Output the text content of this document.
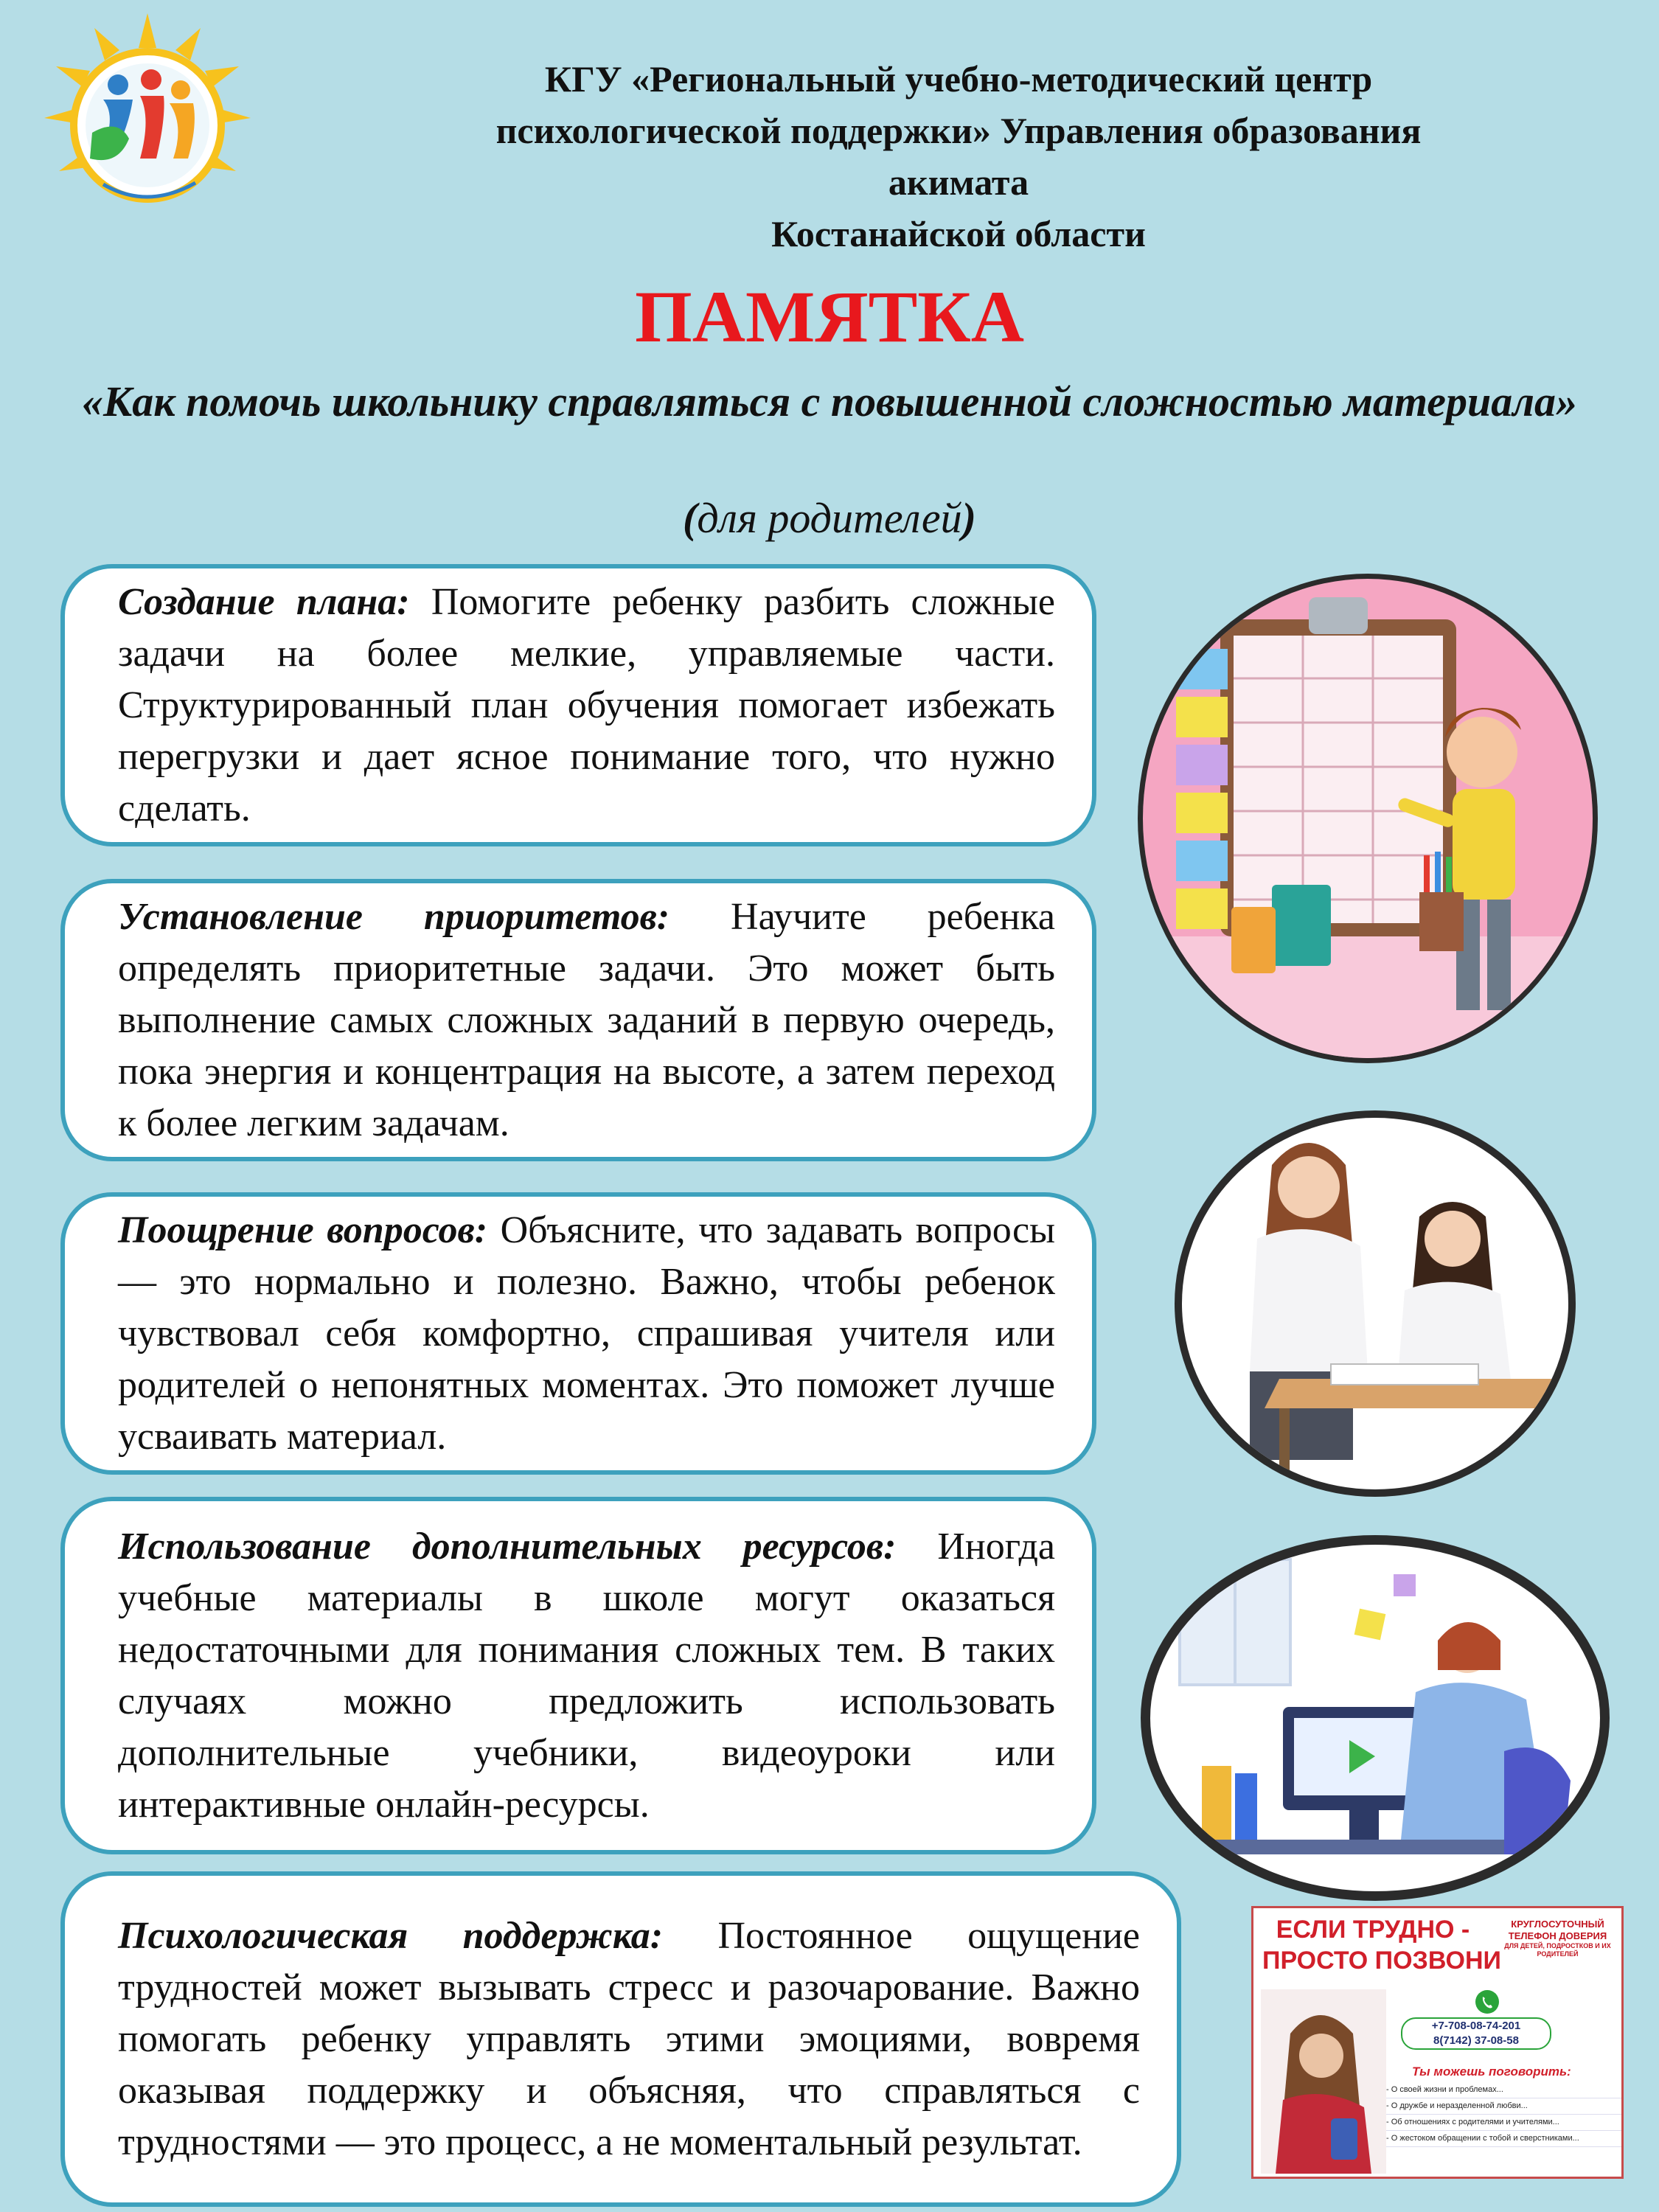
КГУ «Региональный учебно-методический центр
психологической поддержки» Управления образования
акимата
Костанайской области
ПАМЯТКА
«Как помочь школьнику справляться с повышенной сложностью материала»
(для родителей)

Создание плана: Помогите ребенку разбить сложные задачи на более мелкие, управляемые части. Структурированный план обучения помогает избежать перегрузки и дает ясное понимание того, что нужно сделать.

Установление приоритетов: Научите ребенка определять приоритетные задачи. Это может быть выполнение самых сложных заданий в первую очередь, пока энергия и концентрация на высоте, а затем переход к более легким задачам.

Поощрение вопросов: Объясните, что задавать вопросы — это нормально и полезно. Важно, чтобы ребенок чувствовал себя комфортно, спрашивая учителя или родителей о непонятных моментах. Это поможет лучше усваивать материал.

Использование дополнительных ресурсов: Иногда учебные материалы в школе могут оказаться недостаточными для понимания сложных тем. В таких случаях можно предложить использовать дополнительные учебники, видеоуроки или интерактивные онлайн-ресурсы.

Психологическая поддержка: Постоянное ощущение трудностей может вызывать стресс и разочарование. Важно помогать ребенку управлять этими эмоциями, вовремя оказывая поддержку и объясняя, что справляться с трудностями — это процесс, а не моментальный результат.

ЕСЛИ ТРУДНО -
ПРОСТО ПОЗВОНИ
КРУГЛОСУТОЧНЫЙ ТЕЛЕФОН ДОВЕРИЯ
ДЛЯ ДЕТЕЙ, ПОДРОСТКОВ И ИХ РОДИТЕЛЕЙ
+7-708-08-74-201
8(7142) 37-08-58
Ты можешь поговорить:
- О своей жизни и проблемах...
- О дружбе и неразделенной любви...
- Об отношениях с родителями и учителями...
- О жестоком обращении с тобой и сверстниками...
